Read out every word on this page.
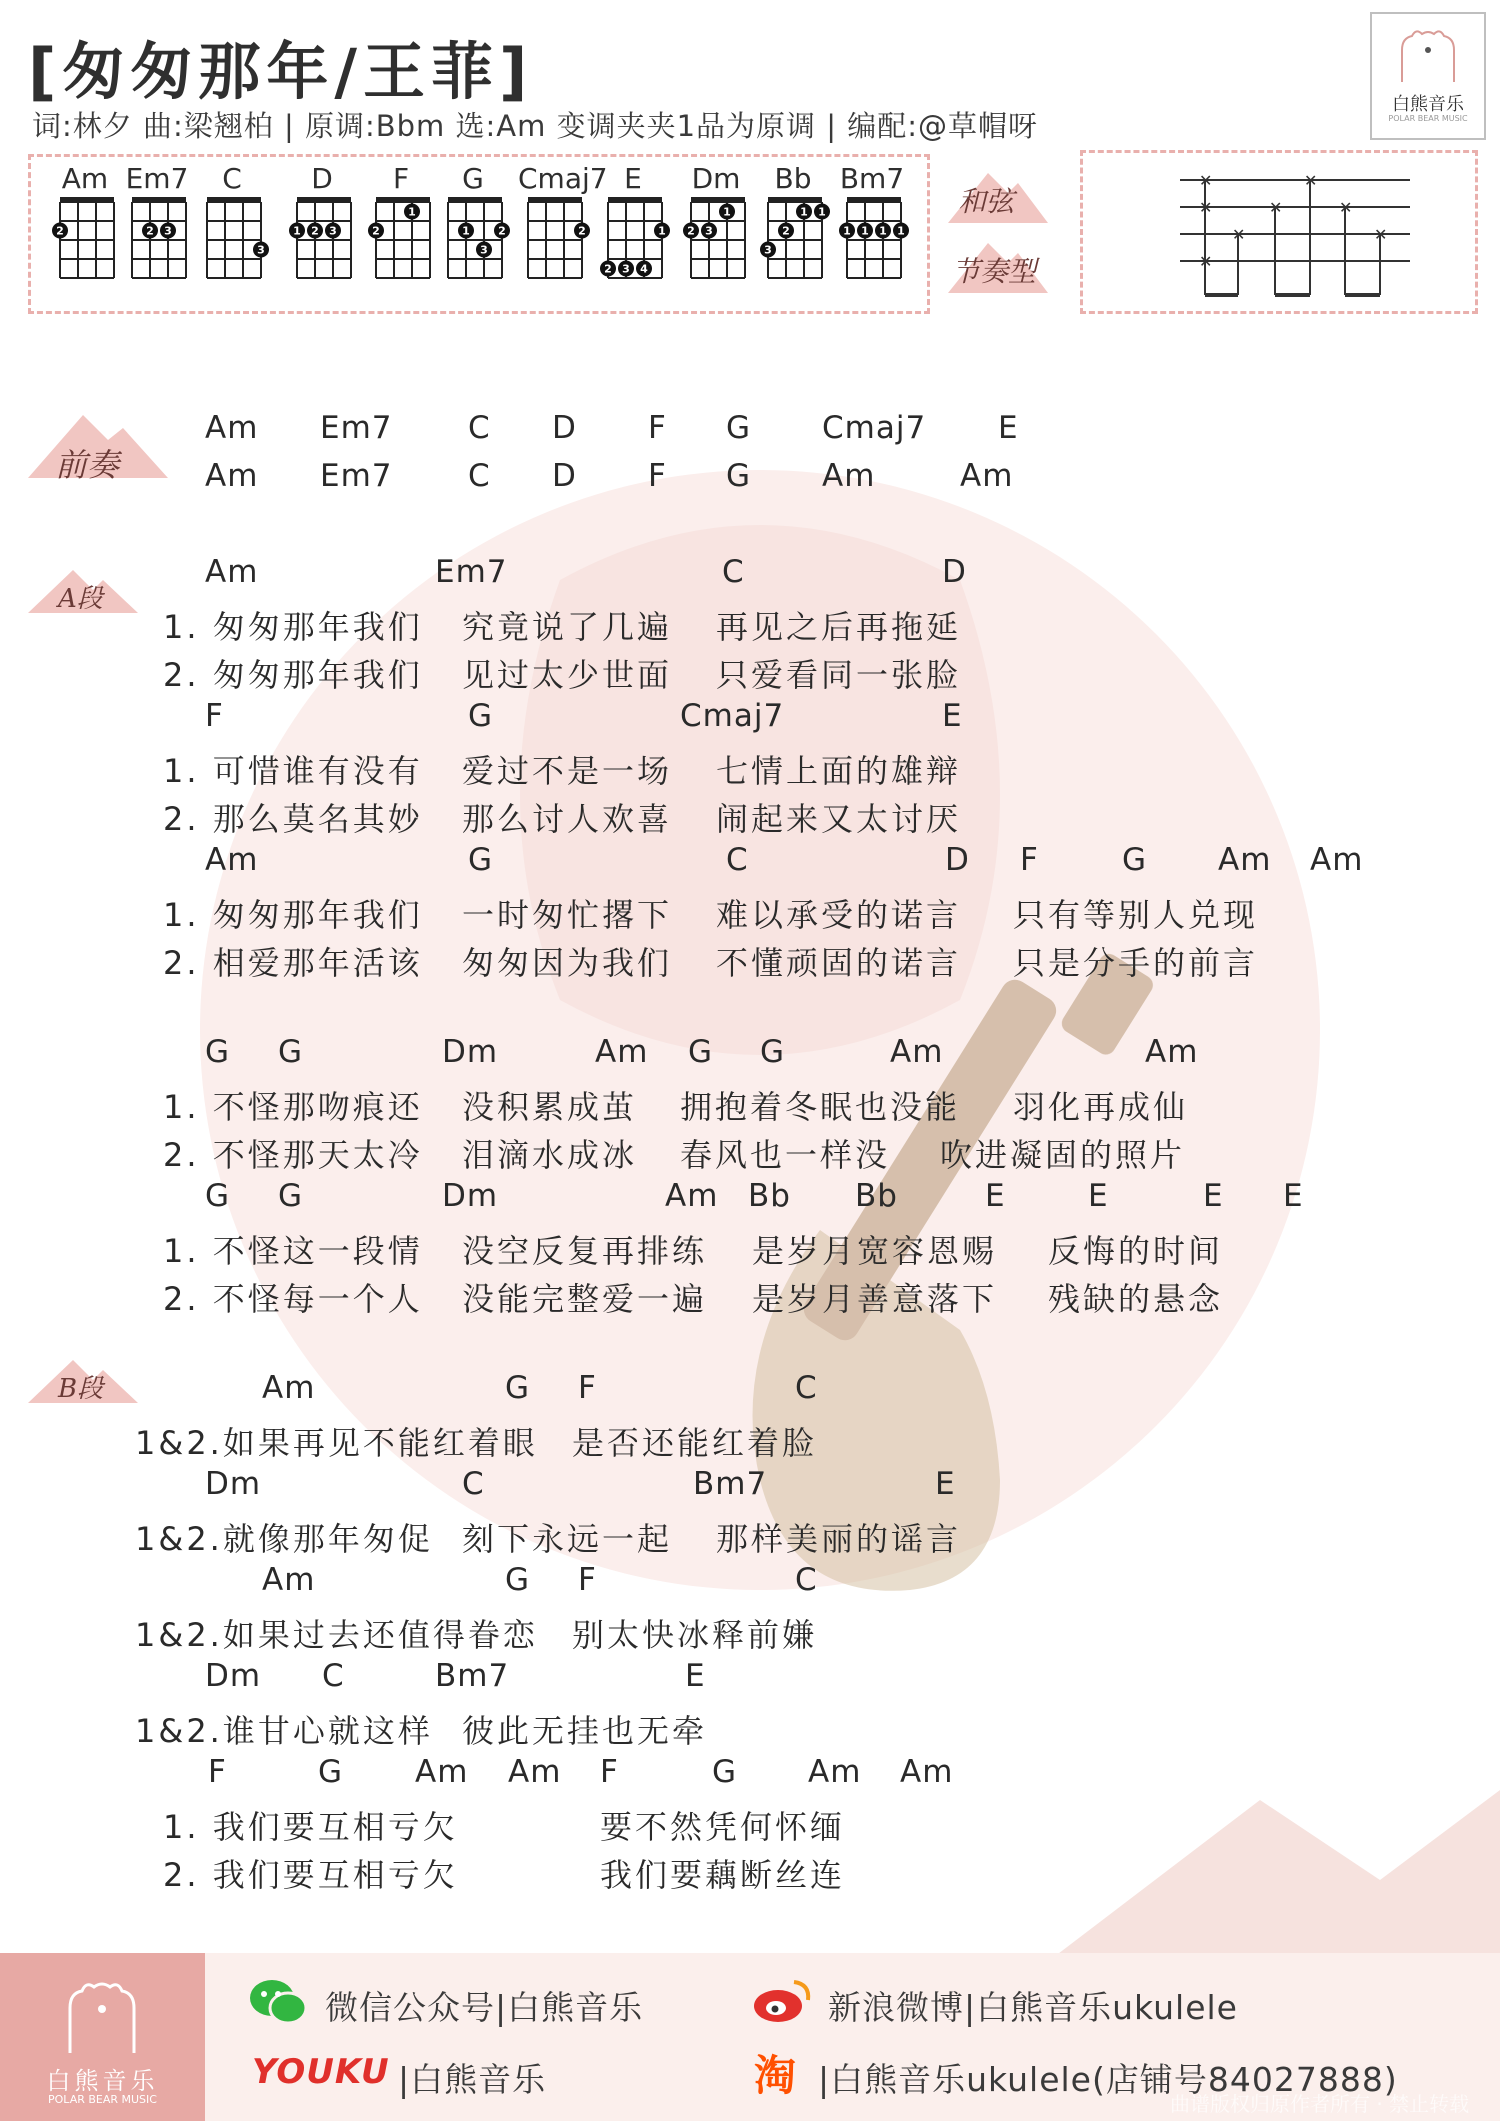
[匆匆那年/王菲]
词:林夕 曲:梁翘柏 | 原调:Bbm 选:Am 变调夹夹1品为原调 | 编配:@草帽呀
白熊音乐
POLAR BEAR MUSIC
Am Em7	C	D	F	G	Cmaj7 E	Dm	Bb	Bm7
2	2 3
3
1 2 3	2
1
1
3
2	2
2 3 4
1 2 3
1
3
2
1 1
1 1 1 1
和弦
节奏型
✕
✕
✕
✕
✕
✕
✕
✕
前奏
A段
B段
Am Em7 C D F G Cmaj7 E
Am Em7 C D F G Am	Am
Am	Em7	C	D
1. 匆匆那年我们 究竟说了几遍 再见之后再拖延
2. 匆匆那年我们 见过太少世面 只爱看同一张脸
F	G	Cmaj7	E
1. 可惜谁有没有 爱过不是一场 七情上面的雄辩
2. 那么莫名其妙 那么讨人欢喜 闹起来又太讨厌
Am	G	C	D F	G Am Am
1. 匆匆那年我们 一时匆忙撂下 难以承受的诺言 只有等别人兑现
2. 相爱那年活该 匆匆因为我们 不懂顽固的诺言 只是分手的前言
G G	Dm	Am G G	Am	Am
1. 不怪那吻痕还 没积累成茧 拥抱着冬眠也没能 羽化再成仙
2. 不怪那天太冷 泪滴水成冰 春风也一样没 吹进凝固的照片
G G	Dm	Am Bb Bb	E	E	E E
1. 不怪这一段情 没空反复再排练 是岁月宽容恩赐 反悔的时间
2. 不怪每一个人 没能完整爱一遍 是岁月善意落下 残缺的悬念
Am	G F	C
1&2.如果再见不能红着眼 是否还能红着脸
Dm	C	Bm7	E
1&2.就像那年匆促 刻下永远一起 那样美丽的谣言
Am	G F	C
1&2.如果过去还值得眷恋 别太快冰释前嫌
Dm C	Bm7	E
1&2.谁甘心就这样 彼此无挂也无牵
F	G Am Am F	G Am Am
1. 我们要互相亏欠	要不然凭何怀缅
2. 我们要互相亏欠	我们要藕断丝连
白熊音乐
POLAR BEAR MUSIC
微信公众号|白熊音乐	新浪微博|白熊音乐ukulele
YOUKU |白熊音乐	淘 |白熊音乐ukulele(店铺号84027888)
曲谱版权归原作者所有 · 禁止转载
